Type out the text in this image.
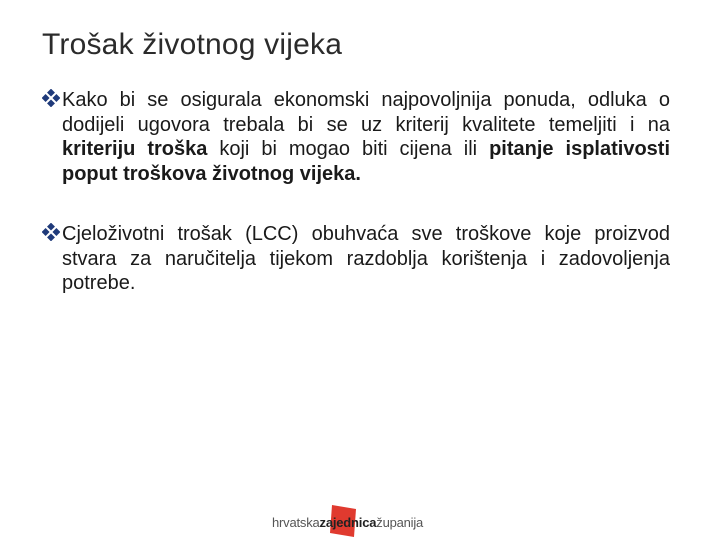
Trošak životnog vijeka
Kako bi se osigurala ekonomski najpovoljnija ponuda, odluka o dodijeli ugovora trebala bi se uz kriterij kvalitete temeljiti i na kriteriju troška koji bi mogao biti cijena ili pitanje isplativosti poput troškova životnog vijeka.
Cjeloživotni trošak (LCC) obuhvaća sve troškove koje proizvod stvara za naručitelja tijekom razdoblja korištenja i zadovoljenja potrebe.
hrvatskazajednicažupanija
